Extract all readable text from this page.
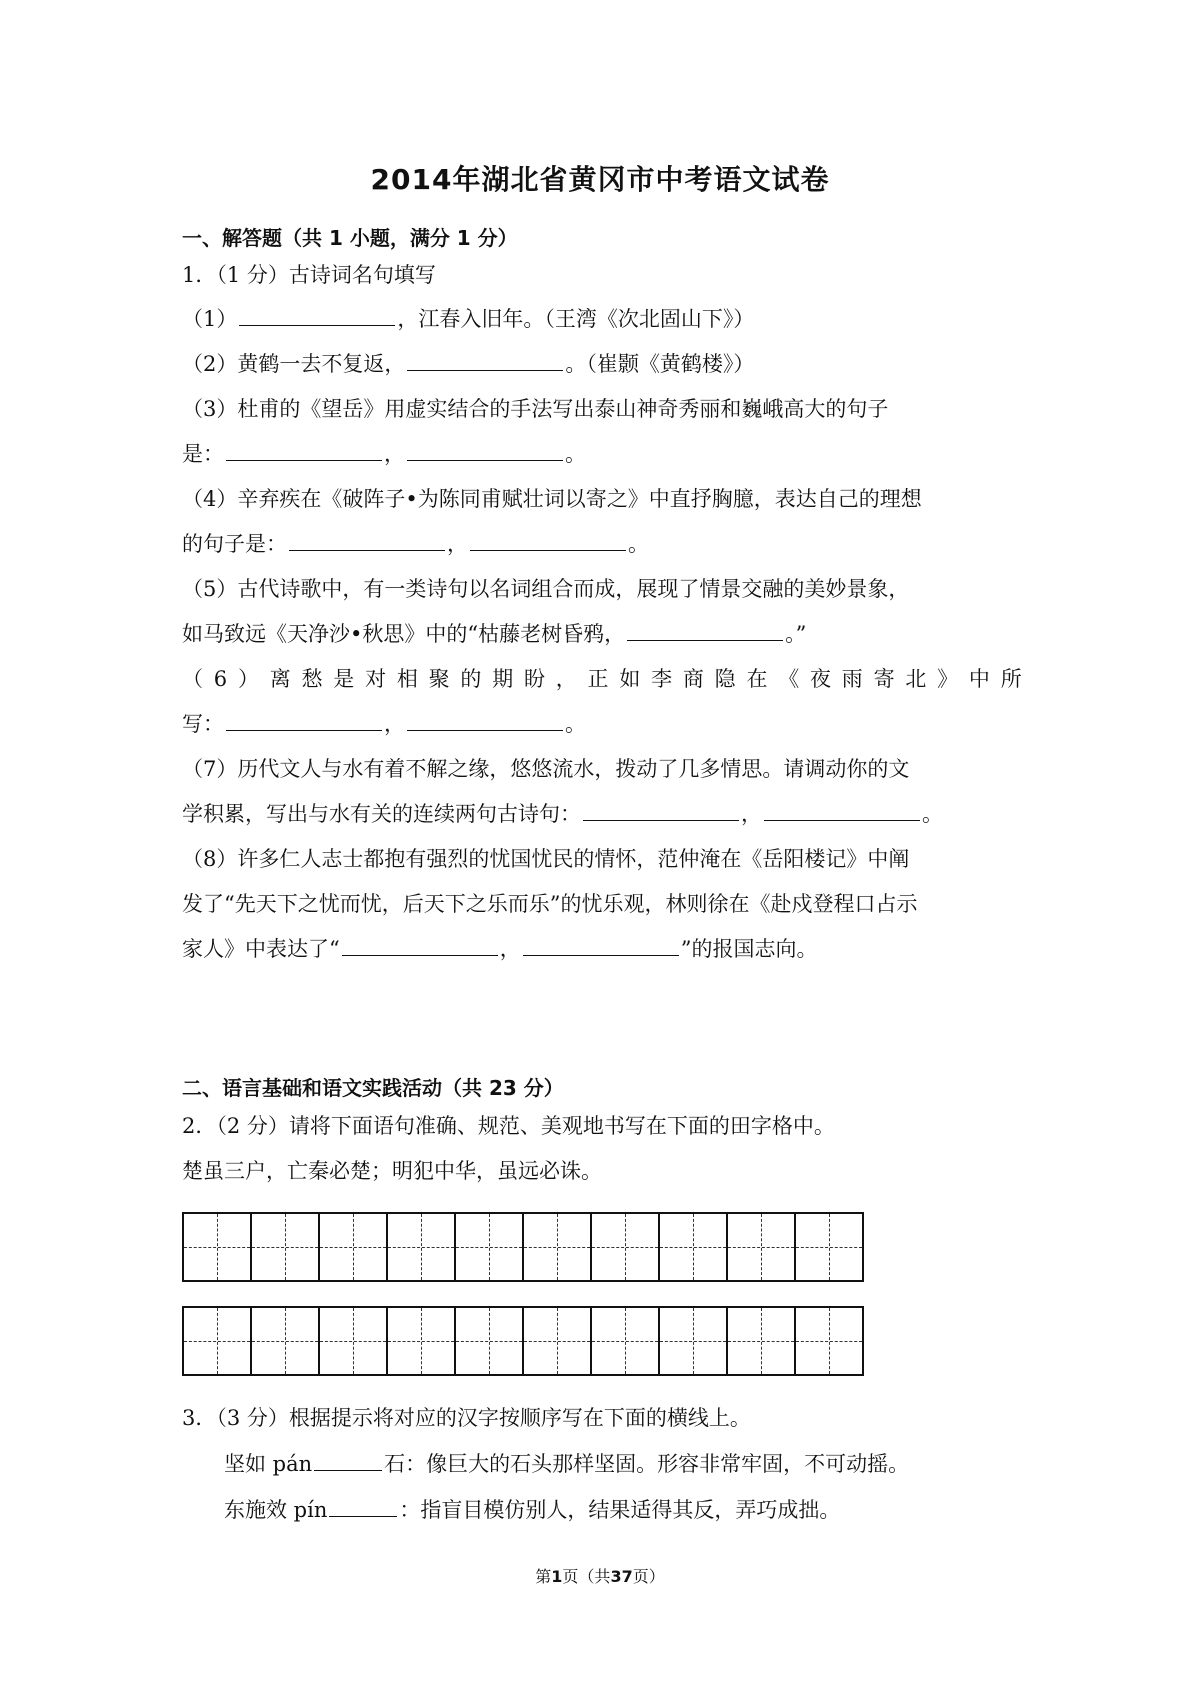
2014年湖北省黄冈市中考语文试卷
一、解答题（共 1 小题，满分 1 分）
1．（1 分）古诗词名句填写
（1）	，江春入旧年。（王湾《次北固山下》）
（2）黄鹤一去不复返，	。（崔颢《黄鹤楼》）
（3）杜甫的《望岳》用虚实结合的手法写出泰山神奇秀丽和巍峨高大的句子
是：	，	。
（4）辛弃疾在《破阵子•为陈同甫赋壮词以寄之》中直抒胸臆，表达自己的理想
的句子是：	，	。
（5）古代诗歌中，有一类诗句以名词组合而成，展现了情景交融的美妙景象，
如马致远《天净沙•秋思》中的“枯藤老树昏鸦，	。”
（ 6 ） 离 愁 是 对 相 聚 的 期 盼 ， 正 如 李 商 隐 在 《 夜 雨 寄 北 》 中 所
写：	，	。
（7）历代文人与水有着不解之缘，悠悠流水，拨动了几多情思。请调动你的文
学积累，写出与水有关的连续两句古诗句：	，	。
（8）许多仁人志士都抱有强烈的忧国忧民的情怀，范仲淹在《岳阳楼记》中阐
发了“先天下之忧而忧，后天下之乐而乐”的忧乐观，林则徐在《赴戍登程口占示
家人》中表达了“	，	”的报国志向。
二、语言基础和语文实践活动（共 23 分）
2．（2 分）请将下面语句准确、规范、美观地书写在下面的田字格中。
楚虽三户，亡秦必楚；明犯中华，虽远必诛。
3．（3 分）根据提示将对应的汉字按顺序写在下面的横线上。
坚如 pán	石：像巨大的石头那样坚固。形容非常牢固，不可动摇。
东施效 pín	：指盲目模仿别人，结果适得其反，弄巧成拙。
第1页（共37页）
